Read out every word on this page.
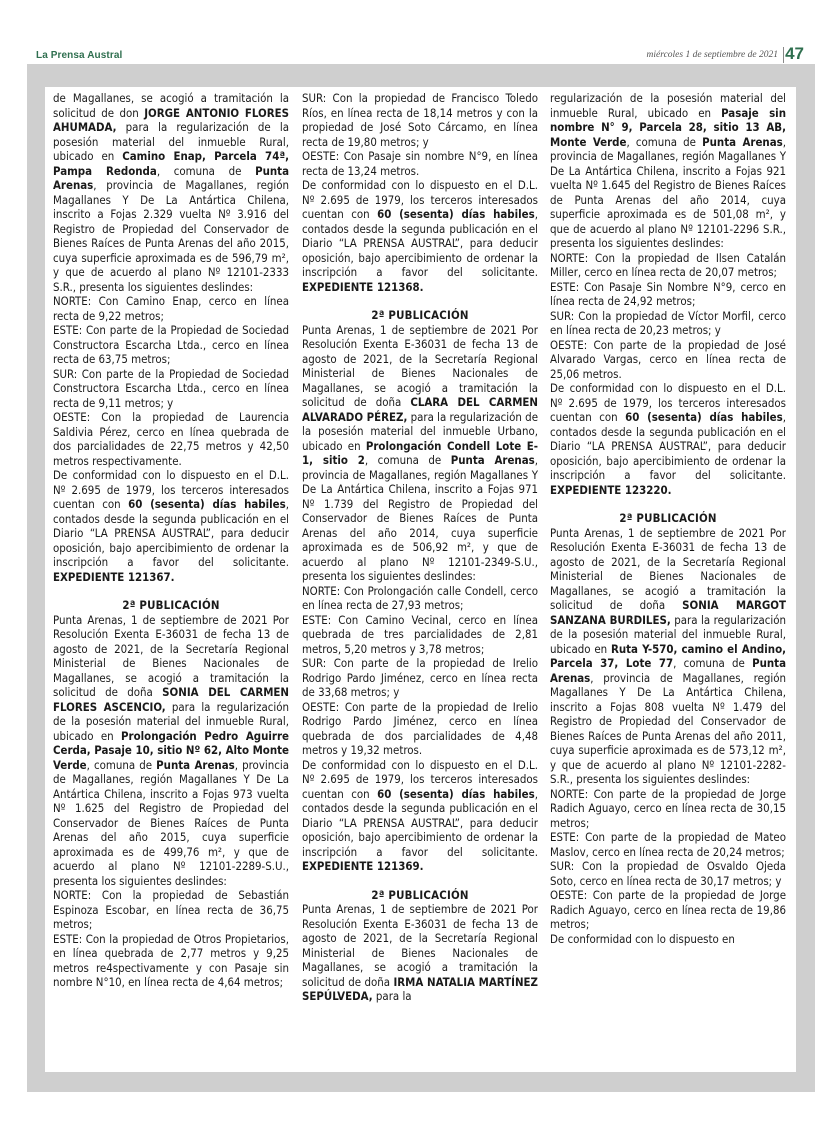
La Prensa Austral	miércoles 1 de septiembre de 2021 47

de Magallanes, se acogió a tramitación la solicitud de don JORGE ANTONIO FLORES AHUMADA, para la regularización de la posesión material del inmueble Rural, ubicado en Camino Enap, Parcela 74ª, Pampa Redonda, comuna de Punta Arenas, provincia de Magallanes, región Magallanes Y De La Antártica Chilena, inscrito a Fojas 2.329 vuelta Nº 3.916 del Registro de Propiedad del Conservador de Bienes Raíces de Punta Arenas del año 2015, cuya superficie aproximada es de 596,79 m², y que de acuerdo al plano Nº 12101-2333 S.R., presenta los siguientes deslindes:

NORTE: Con Camino Enap, cerco en línea recta de 9,22 metros;

ESTE: Con parte de la Propiedad de Sociedad Constructora Escarcha Ltda., cerco en línea recta de 63,75 metros;

SUR: Con parte de la Propiedad de Sociedad Constructora Escarcha Ltda., cerco en línea recta de 9,11 metros; y

OESTE: Con la propiedad de Laurencia Saldivia Pérez, cerco en línea quebrada de dos parcialidades de 22,75 metros y 42,50 metros respectivamente.

De conformidad con lo dispuesto en el D.L. Nº 2.695 de 1979, los terceros interesados cuentan con 60 (sesenta) días habiles, contados desde la segunda publicación en el Diario “LA PRENSA AUSTRAL”, para deducir oposición, bajo apercibimiento de ordenar la inscripción a favor del solicitante. EXPEDIENTE 121367.

2ª PUBLICACIÓN

Punta Arenas, 1 de septiembre de 2021 Por Resolución Exenta E-36031 de fecha 13 de agosto de 2021, de la Secretaría Regional Ministerial de Bienes Nacionales de Magallanes, se acogió a tramitación la solicitud de doña SONIA DEL CARMEN FLORES ASCENCIO, para la regularización de la posesión material del inmueble Rural, ubicado en Prolongación Pedro Aguirre Cerda, Pasaje 10, sitio Nº 62, Alto Monte Verde, comuna de Punta Arenas, provincia de Magallanes, región Magallanes Y De La Antártica Chilena, inscrito a Fojas 973 vuelta Nº 1.625 del Registro de Propiedad del Conservador de Bienes Raíces de Punta Arenas del año 2015, cuya superficie aproximada es de 499,76 m², y que de acuerdo al plano Nº 12101-2289-S.U., presenta los siguientes deslindes:

NORTE: Con la propiedad de Sebastián Espinoza Escobar, en línea recta de 36,75 metros;

ESTE: Con la propiedad de Otros Propietarios, en línea quebrada de 2,77 metros y 9,25 metros re4spectivamente y con Pasaje sin nombre N°10, en línea recta de 4,64 metros;

SUR: Con la propiedad de Francisco Toledo Ríos, en línea recta de 18,14 metros y con la propiedad de José Soto Cárcamo, en línea recta de 19,80 metros; y

OESTE: Con Pasaje sin nombre N°9, en línea recta de 13,24 metros.

De conformidad con lo dispuesto en el D.L. Nº 2.695 de 1979, los terceros interesados cuentan con 60 (sesenta) días habiles, contados desde la segunda publicación en el Diario “LA PRENSA AUSTRAL”, para deducir oposición, bajo apercibimiento de ordenar la inscripción a favor del solicitante. EXPEDIENTE 121368.

2ª PUBLICACIÓN

Punta Arenas, 1 de septiembre de 2021 Por Resolución Exenta E-36031 de fecha 13 de agosto de 2021, de la Secretaría Regional Ministerial de Bienes Nacionales de Magallanes, se acogió a tramitación la solicitud de doña CLARA DEL CARMEN ALVARADO PÉREZ, para la regularización de la posesión material del inmueble Urbano, ubicado en Prolongación Condell Lote E-1, sitio 2, comuna de Punta Arenas, provincia de Magallanes, región Magallanes Y De La Antártica Chilena, inscrito a Fojas 971 Nº 1.739 del Registro de Propiedad del Conservador de Bienes Raíces de Punta Arenas del año 2014, cuya superficie aproximada es de 506,92 m², y que de acuerdo al plano Nº 12101-2349-S.U., presenta los siguientes deslindes:

NORTE: Con Prolongación calle Condell, cerco en línea recta de 27,93 metros;

ESTE: Con Camino Vecinal, cerco en línea quebrada de tres parcialidades de 2,81 metros, 5,20 metros y 3,78 metros;

SUR: Con parte de la propiedad de Irelio Rodrigo Pardo Jiménez, cerco en línea recta de 33,68 metros; y

OESTE: Con parte de la propiedad de Irelio Rodrigo Pardo Jiménez, cerco en línea quebrada de dos parcialidades de 4,48 metros y 19,32 metros.

De conformidad con lo dispuesto en el D.L. Nº 2.695 de 1979, los terceros interesados cuentan con 60 (sesenta) días habiles, contados desde la segunda publicación en el Diario “LA PRENSA AUSTRAL”, para deducir oposición, bajo apercibimiento de ordenar la inscripción a favor del solicitante. EXPEDIENTE 121369.

2ª PUBLICACIÓN

Punta Arenas, 1 de septiembre de 2021 Por Resolución Exenta E-36031 de fecha 13 de agosto de 2021, de la Secretaría Regional Ministerial de Bienes Nacionales de Magallanes, se acogió a tramitación la solicitud de doña IRMA NATALIA MARTÍNEZ SEPÚLVEDA, para la

regularización de la posesión material del inmueble Rural, ubicado en Pasaje sin nombre N° 9, Parcela 28, sitio 13 AB, Monte Verde, comuna de Punta Arenas, provincia de Magallanes, región Magallanes Y De La Antártica Chilena, inscrito a Fojas 921 vuelta Nº 1.645 del Registro de Bienes Raíces de Punta Arenas del año 2014, cuya superficie aproximada es de 501,08 m², y que de acuerdo al plano Nº 12101-2296 S.R., presenta los siguientes deslindes:

NORTE: Con la propiedad de Ilsen Catalán Miller, cerco en línea recta de 20,07 metros;

ESTE: Con Pasaje Sin Nombre N°9, cerco en línea recta de 24,92 metros;

SUR: Con la propiedad de Víctor Morfil, cerco en línea recta de 20,23 metros; y

OESTE: Con parte de la propiedad de José Alvarado Vargas, cerco en línea recta de 25,06 metros.

De conformidad con lo dispuesto en el D.L. Nº 2.695 de 1979, los terceros interesados cuentan con 60 (sesenta) días habiles, contados desde la segunda publicación en el Diario “LA PRENSA AUSTRAL”, para deducir oposición, bajo apercibimiento de ordenar la inscripción a favor del solicitante. EXPEDIENTE 123220.

2ª PUBLICACIÓN

Punta Arenas, 1 de septiembre de 2021 Por Resolución Exenta E-36031 de fecha 13 de agosto de 2021, de la Secretaría Regional Ministerial de Bienes Nacionales de Magallanes, se acogió a tramitación la solicitud de doña SONIA MARGOT SANZANA BURDILES, para la regularización de la posesión material del inmueble Rural, ubicado en Ruta Y-570, camino el Andino, Parcela 37, Lote 77, comuna de Punta Arenas, provincia de Magallanes, región Magallanes Y De La Antártica Chilena, inscrito a Fojas 808 vuelta Nº 1.479 del Registro de Propiedad del Conservador de Bienes Raíces de Punta Arenas del año 2011, cuya superficie aproximada es de 573,12 m², y que de acuerdo al plano Nº 12101-2282-S.R., presenta los siguientes deslindes:

NORTE: Con parte de la propiedad de Jorge Radich Aguayo, cerco en línea recta de 30,15 metros;

ESTE: Con parte de la propiedad de Mateo Maslov, cerco en línea recta de 20,24 metros;

SUR: Con la propiedad de Osvaldo Ojeda Soto, cerco en línea recta de 30,17 metros; y

OESTE: Con parte de la propiedad de Jorge Radich Aguayo, cerco en línea recta de 19,86 metros;

De conformidad con lo dispuesto en
